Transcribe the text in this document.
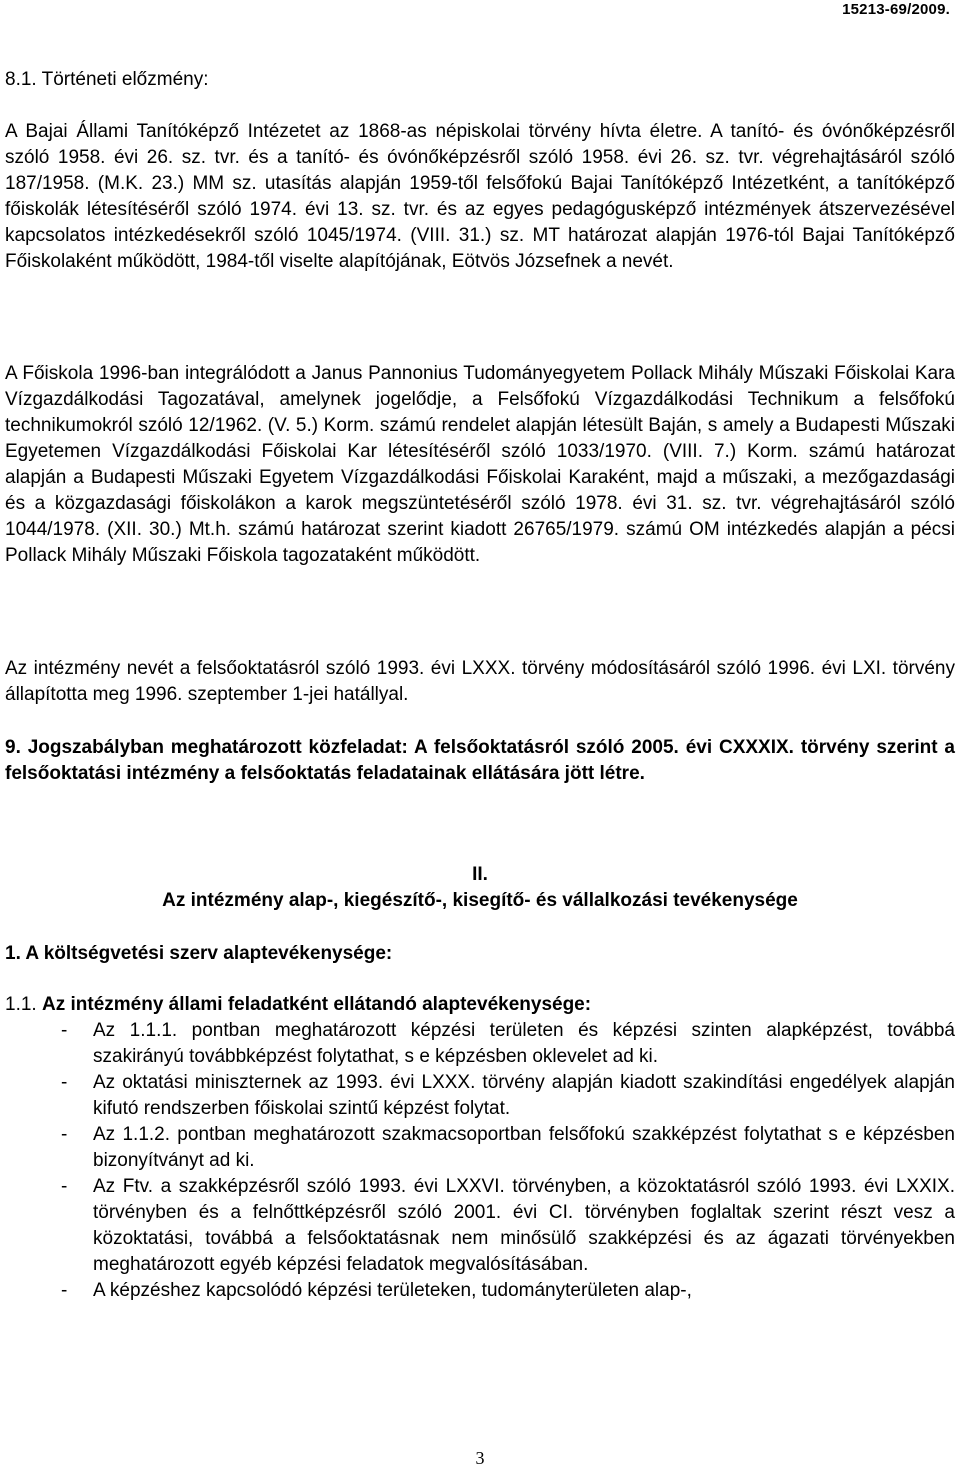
15213-69/2009.

8.1. Történeti előzmény:

A Bajai Állami Tanítóképző Intézetet az 1868-as népiskolai törvény hívta életre. A tanító- és óvónőképzésről szóló 1958. évi 26. sz. tvr. és a tanító- és óvónőképzésről szóló 1958. évi 26. sz. tvr. végrehajtásáról szóló 187/1958. (M.K. 23.) MM sz. utasítás alapján 1959-től felsőfokú Bajai Tanítóképző Intézetként, a tanítóképző főiskolák létesítéséről szóló 1974. évi 13. sz. tvr. és az egyes pedagógusképző intézmények átszervezésével kapcsolatos intézkedésekről szóló 1045/1974. (VIII. 31.) sz. MT határozat alapján 1976-tól Bajai Tanítóképző Főiskolaként működött, 1984-től viselte alapítójának, Eötvös Józsefnek a nevét.

A Főiskola 1996-ban integrálódott a Janus Pannonius Tudományegyetem Pollack Mihály Műszaki Főiskolai Kara Vízgazdálkodási Tagozatával, amelynek jogelődje, a Felsőfokú Vízgazdálkodási Technikum a felsőfokú technikumokról szóló 12/1962. (V. 5.) Korm. számú rendelet alapján létesült Baján, s amely a Budapesti Műszaki Egyetemen Vízgazdálkodási Főiskolai Kar létesítéséről szóló 1033/1970. (VIII. 7.) Korm. számú határozat alapján a Budapesti Műszaki Egyetem Vízgazdálkodási Főiskolai Karaként, majd a műszaki, a mezőgazdasági és a közgazdasági főiskolákon a karok megszüntetéséről szóló 1978. évi 31. sz. tvr. végrehajtásáról szóló 1044/1978. (XII. 30.) Mt.h. számú határozat szerint kiadott 26765/1979. számú OM intézkedés alapján a pécsi Pollack Mihály Műszaki Főiskola tagozataként működött.

Az intézmény nevét a felsőoktatásról szóló 1993. évi LXXX. törvény módosításáról szóló 1996. évi LXI. törvény állapította meg 1996. szeptember 1-jei hatállyal.

9. Jogszabályban meghatározott közfeladat: A felsőoktatásról szóló 2005. évi CXXXIX. törvény szerint a felsőoktatási intézmény a felsőoktatás feladatainak ellátására jött létre.

II.

Az intézmény alap-, kiegészítő-, kisegítő- és vállalkozási tevékenysége

1. A költségvetési szerv alaptevékenysége:

1.1. Az intézmény állami feladatként ellátandó alaptevékenysége:

- Az 1.1.1. pontban meghatározott képzési területen és képzési szinten alapképzést, továbbá szakirányú továbbképzést folytathat, s e képzésben oklevelet ad ki.
- Az oktatási miniszternek az 1993. évi LXXX. törvény alapján kiadott szakindítási engedélyek alapján kifutó rendszerben főiskolai szintű képzést folytat.
- Az 1.1.2. pontban meghatározott szakmacsoportban felsőfokú szakképzést folytathat s e képzésben bizonyítványt ad ki.
- Az Ftv. a szakképzésről szóló 1993. évi LXXVI. törvényben, a közoktatásról szóló 1993. évi LXXIX. törvényben és a felnőttképzésről szóló 2001. évi CI. törvényben foglaltak szerint részt vesz a közoktatási, továbbá a felsőoktatásnak nem minősülő szakképzési és az ágazati törvényekben meghatározott egyéb képzési feladatok megvalósításában.
- A képzéshez kapcsolódó képzési területeken, tudományterületen alap-,
3
